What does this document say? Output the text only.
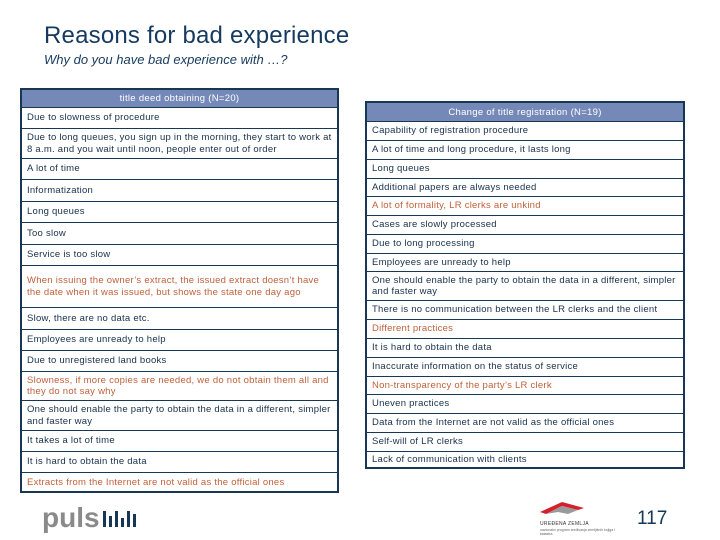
Reasons for bad experience
Why do you have bad experience with …?
title deed obtaining (N=20)
Due to slowness of procedure
Due to long queues, you sign up in the morning, they start to work at 8 a.m. and you wait until noon, people enter out of order
A lot of time
Informatization
Long queues
Too slow
Service is too slow
When issuing the owner’s extract, the issued extract doesn’t have the date when it was issued, but shows the state one day ago
Slow, there are no data etc.
Employees are unready to help
Due to unregistered land books
Slowness, if more copies are needed, we do not obtain them all and they do not say why
One should enable the party to obtain the data in a different, simpler and faster way
It takes a lot of time
It is hard to obtain the data
Extracts from the Internet are not valid as the official ones
Change of title registration (N=19)
Capability of registration procedure
A lot of time and long procedure, it lasts long
Long queues
Additional papers are always needed
A lot of formality, LR clerks are unkind
Cases are slowly processed
Due to long processing
Employees are unready to help
One should enable the party to obtain the data in a different, simpler and faster way
There is no communication between the LR clerks and the client
Different practices
It is hard to obtain the data
Inaccurate information on the status of service
Non-transparency of the party’s LR clerk
Uneven practices
Data from the Internet are not valid as the official ones
Self-will of LR clerks
Lack of communication with clients
puls	UREĐENA ZEMLJA
nacionalni program sređivanja zemljišnih knjiga i katastra
117
